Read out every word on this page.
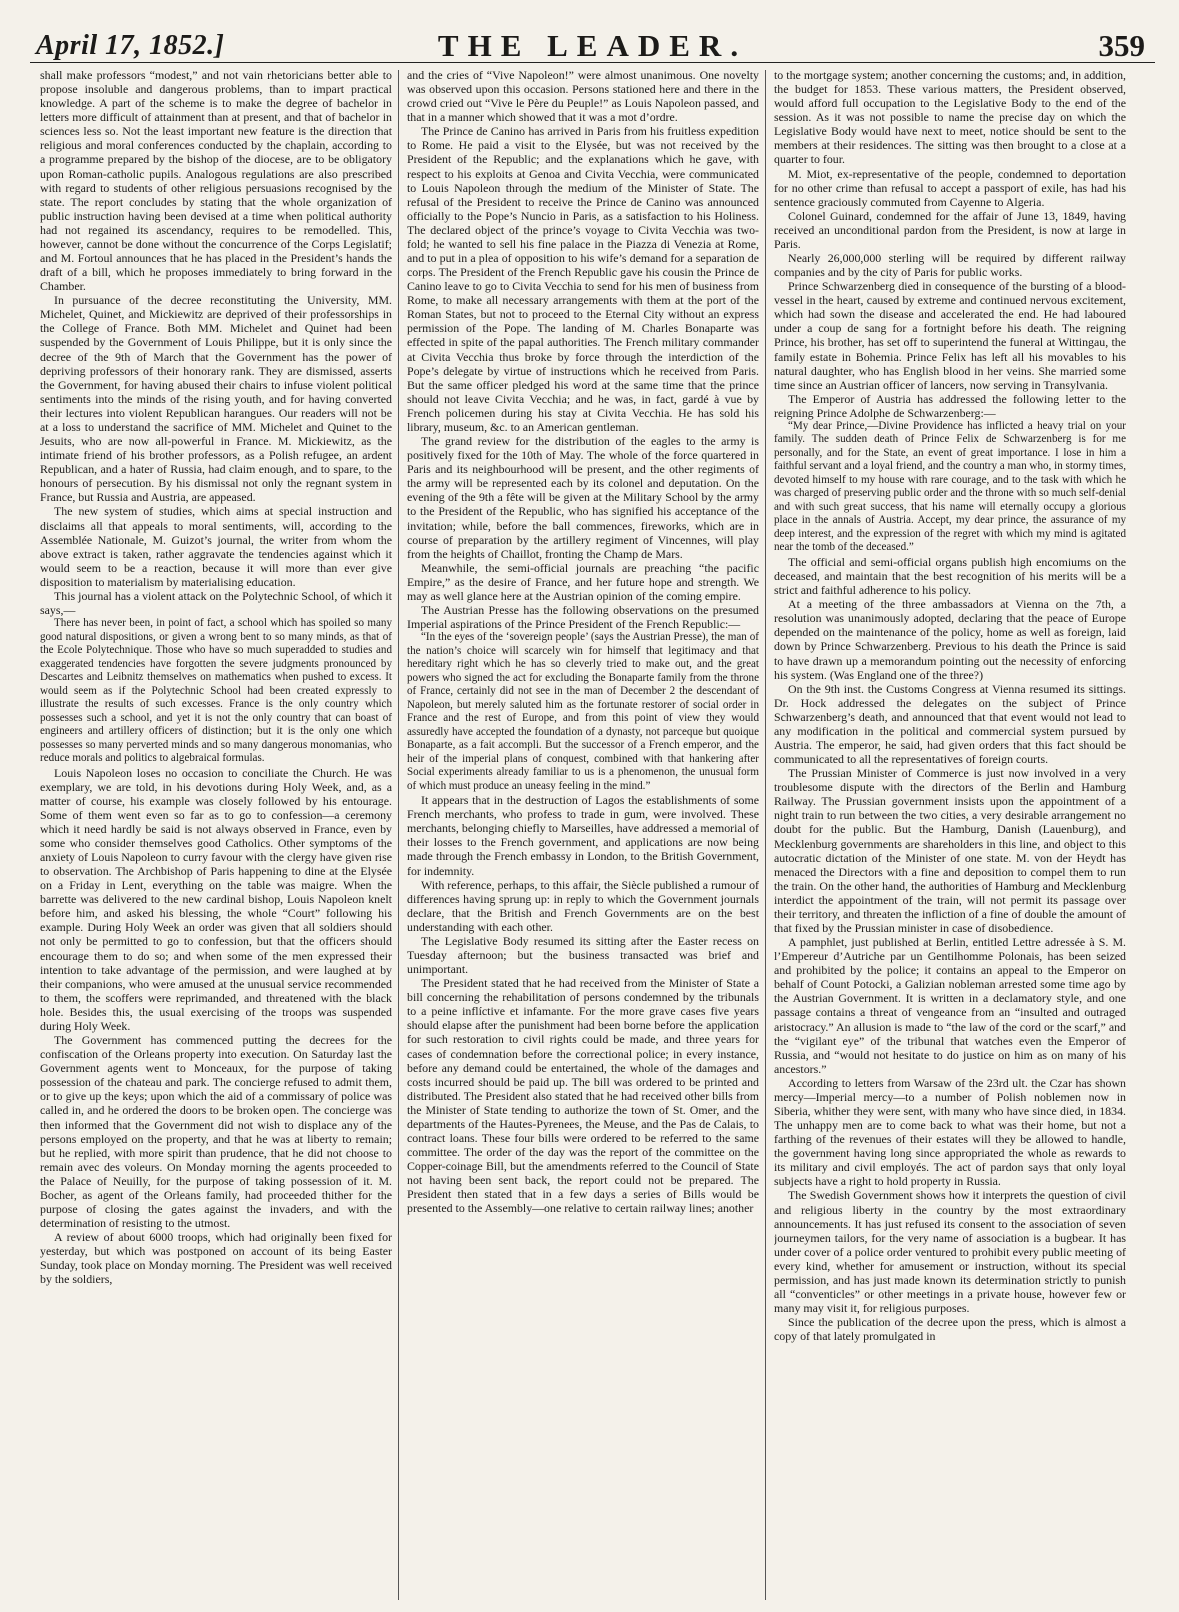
April 17, 1852.]	THE LEADER.	359

shall make professors “modest,” and not vain rhetoricians better able to propose insoluble and dangerous problems, than to impart practical knowledge. A part of the scheme is to make the degree of bachelor in letters more difficult of attainment than at present, and that of bachelor in sciences less so. Not the least important new feature is the direction that religious and moral conferences conducted by the chaplain, according to a programme prepared by the bishop of the diocese, are to be obligatory upon Roman-catholic pupils. Analogous regulations are also prescribed with regard to students of other religious persuasions recognised by the state. The report concludes by stating that the whole organization of public instruction having been devised at a time when political authority had not regained its ascendancy, requires to be remodelled. This, however, cannot be done without the concurrence of the Corps Legislatif; and M. Fortoul announces that he has placed in the President’s hands the draft of a bill, which he proposes immediately to bring forward in the Chamber.

In pursuance of the decree reconstituting the University, MM. Michelet, Quinet, and Mickiewitz are deprived of their professorships in the College of France. Both MM. Michelet and Quinet had been suspended by the Government of Louis Philippe, but it is only since the decree of the 9th of March that the Government has the power of depriving professors of their honorary rank. They are dismissed, asserts the Government, for having abused their chairs to infuse violent political sentiments into the minds of the rising youth, and for having converted their lectures into violent Republican harangues. Our readers will not be at a loss to understand the sacrifice of MM. Michelet and Quinet to the Jesuits, who are now all-powerful in France. M. Mickiewitz, as the intimate friend of his brother professors, as a Polish refugee, an ardent Republican, and a hater of Russia, had claim enough, and to spare, to the honours of persecution. By his dismissal not only the regnant system in France, but Russia and Austria, are appeased.

The new system of studies, which aims at special instruction and disclaims all that appeals to moral sentiments, will, according to the Assemblée Nationale, M. Guizot’s journal, the writer from whom the above extract is taken, rather aggravate the tendencies against which it would seem to be a reaction, because it will more than ever give disposition to materialism by materialising education.

This journal has a violent attack on the Polytechnic School, of which it says,—

There has never been, in point of fact, a school which has spoiled so many good natural dispositions, or given a wrong bent to so many minds, as that of the Ecole Polytechnique. Those who have so much superadded to studies and exaggerated tendencies have forgotten the severe judgments pronounced by Descartes and Leibnitz themselves on mathematics when pushed to excess. It would seem as if the Polytechnic School had been created expressly to illustrate the results of such excesses. France is the only country which possesses such a school, and yet it is not the only country that can boast of engineers and artillery officers of distinction; but it is the only one which possesses so many perverted minds and so many dangerous monomanias, who reduce morals and politics to algebraical formulas.

Louis Napoleon loses no occasion to conciliate the Church. He was exemplary, we are told, in his devotions during Holy Week, and, as a matter of course, his example was closely followed by his entourage. Some of them went even so far as to go to confession—a ceremony which it need hardly be said is not always observed in France, even by some who consider themselves good Catholics. Other symptoms of the anxiety of Louis Napoleon to curry favour with the clergy have given rise to observation. The Archbishop of Paris happening to dine at the Elysée on a Friday in Lent, everything on the table was maigre. When the barrette was delivered to the new cardinal bishop, Louis Napoleon knelt before him, and asked his blessing, the whole “Court” following his example. During Holy Week an order was given that all soldiers should not only be permitted to go to confession, but that the officers should encourage them to do so; and when some of the men expressed their intention to take advantage of the permission, and were laughed at by their companions, who were amused at the unusual service recommended to them, the scoffers were reprimanded, and threatened with the black hole. Besides this, the usual exercising of the troops was suspended during Holy Week.

The Government has commenced putting the decrees for the confiscation of the Orleans property into execution. On Saturday last the Government agents went to Monceaux, for the purpose of taking possession of the chateau and park. The concierge refused to admit them, or to give up the keys; upon which the aid of a commissary of police was called in, and he ordered the doors to be broken open. The concierge was then informed that the Government did not wish to displace any of the persons employed on the property, and that he was at liberty to remain; but he replied, with more spirit than prudence, that he did not choose to remain avec des voleurs. On Monday morning the agents proceeded to the Palace of Neuilly, for the purpose of taking possession of it. M. Bocher, as agent of the Orleans family, had proceeded thither for the purpose of closing the gates against the invaders, and with the determination of resisting to the utmost.

A review of about 6000 troops, which had originally been fixed for yesterday, but which was postponed on account of its being Easter Sunday, took place on Monday morning. The President was well received by the soldiers,

and the cries of “Vive Napoleon!” were almost unanimous. One novelty was observed upon this occasion. Persons stationed here and there in the crowd cried out “Vive le Père du Peuple!” as Louis Napoleon passed, and that in a manner which showed that it was a mot d’ordre.

The Prince de Canino has arrived in Paris from his fruitless expedition to Rome. He paid a visit to the Elysée, but was not received by the President of the Republic; and the explanations which he gave, with respect to his exploits at Genoa and Civita Vecchia, were communicated to Louis Napoleon through the medium of the Minister of State. The refusal of the President to receive the Prince de Canino was announced officially to the Pope’s Nuncio in Paris, as a satisfaction to his Holiness. The declared object of the prince’s voyage to Civita Vecchia was two-fold; he wanted to sell his fine palace in the Piazza di Venezia at Rome, and to put in a plea of opposition to his wife’s demand for a separation de corps. The President of the French Republic gave his cousin the Prince de Canino leave to go to Civita Vecchia to send for his men of business from Rome, to make all necessary arrangements with them at the port of the Roman States, but not to proceed to the Eternal City without an express permission of the Pope. The landing of M. Charles Bonaparte was effected in spite of the papal authorities. The French military commander at Civita Vecchia thus broke by force through the interdiction of the Pope’s delegate by virtue of instructions which he received from Paris. But the same officer pledged his word at the same time that the prince should not leave Civita Vecchia; and he was, in fact, gardé à vue by French policemen during his stay at Civita Vecchia. He has sold his library, museum, &c. to an American gentleman.

The grand review for the distribution of the eagles to the army is positively fixed for the 10th of May. The whole of the force quartered in Paris and its neighbourhood will be present, and the other regiments of the army will be represented each by its colonel and deputation. On the evening of the 9th a fête will be given at the Military School by the army to the President of the Republic, who has signified his acceptance of the invitation; while, before the ball commences, fireworks, which are in course of preparation by the artillery regiment of Vincennes, will play from the heights of Chaillot, fronting the Champ de Mars.

Meanwhile, the semi-official journals are preaching “the pacific Empire,” as the desire of France, and her future hope and strength. We may as well glance here at the Austrian opinion of the coming empire.

The Austrian Presse has the following observations on the presumed Imperial aspirations of the Prince President of the French Republic:—

“In the eyes of the ‘sovereign people’ (says the Austrian Presse), the man of the nation’s choice will scarcely win for himself that legitimacy and that hereditary right which he has so cleverly tried to make out, and the great powers who signed the act for excluding the Bonaparte family from the throne of France, certainly did not see in the man of December 2 the descendant of Napoleon, but merely saluted him as the fortunate restorer of social order in France and the rest of Europe, and from this point of view they would assuredly have accepted the foundation of a dynasty, not parceque but quoique Bonaparte, as a fait accompli. But the successor of a French emperor, and the heir of the imperial plans of conquest, combined with that hankering after Social experiments already familiar to us is a phenomenon, the unusual form of which must produce an uneasy feeling in the mind.”

It appears that in the destruction of Lagos the establishments of some French merchants, who profess to trade in gum, were involved. These merchants, belonging chiefly to Marseilles, have addressed a memorial of their losses to the French government, and applications are now being made through the French embassy in London, to the British Government, for indemnity.

With reference, perhaps, to this affair, the Siècle published a rumour of differences having sprung up: in reply to which the Government journals declare, that the British and French Governments are on the best understanding with each other.

The Legislative Body resumed its sitting after the Easter recess on Tuesday afternoon; but the business transacted was brief and unimportant.

The President stated that he had received from the Minister of State a bill concerning the rehabilitation of persons condemned by the tribunals to a peine inflíctive et infamante. For the more grave cases five years should elapse after the punishment had been borne before the application for such restoration to civil rights could be made, and three years for cases of condemnation before the correctional police; in every instance, before any demand could be entertained, the whole of the damages and costs incurred should be paid up. The bill was ordered to be printed and distributed. The President also stated that he had received other bills from the Minister of State tending to authorize the town of St. Omer, and the departments of the Hautes-Pyrenees, the Meuse, and the Pas de Calais, to contract loans. These four bills were ordered to be referred to the same committee. The order of the day was the report of the committee on the Copper-coinage Bill, but the amendments referred to the Council of State not having been sent back, the report could not be prepared. The President then stated that in a few days a series of Bills would be presented to the Assembly—one relative to certain railway lines; another

to the mortgage system; another concerning the customs; and, in addition, the budget for 1853. These various matters, the President observed, would afford full occupation to the Legislative Body to the end of the session. As it was not possible to name the precise day on which the Legislative Body would have next to meet, notice should be sent to the members at their residences. The sitting was then brought to a close at a quarter to four.

M. Miot, ex-representative of the people, condemned to deportation for no other crime than refusal to accept a passport of exile, has had his sentence graciously commuted from Cayenne to Algeria.

Colonel Guinard, condemned for the affair of June 13, 1849, having received an unconditional pardon from the President, is now at large in Paris.

Nearly 26,000,000 sterling will be required by different railway companies and by the city of Paris for public works.

Prince Schwarzenberg died in consequence of the bursting of a blood-vessel in the heart, caused by extreme and continued nervous excitement, which had sown the disease and accelerated the end. He had laboured under a coup de sang for a fortnight before his death. The reigning Prince, his brother, has set off to superintend the funeral at Wittingau, the family estate in Bohemia. Prince Felix has left all his movables to his natural daughter, who has English blood in her veins. She married some time since an Austrian officer of lancers, now serving in Transylvania.

The Emperor of Austria has addressed the following letter to the reigning Prince Adolphe de Schwarzenberg:—

“My dear Prince,—Divine Providence has inflicted a heavy trial on your family. The sudden death of Prince Felix de Schwarzenberg is for me personally, and for the State, an event of great importance. I lose in him a faithful servant and a loyal friend, and the country a man who, in stormy times, devoted himself to my house with rare courage, and to the task with which he was charged of preserving public order and the throne with so much self-denial and with such great success, that his name will eternally occupy a glorious place in the annals of Austria. Accept, my dear prince, the assurance of my deep interest, and the expression of the regret with which my mind is agitated near the tomb of the deceased.”

The official and semi-official organs publish high encomiums on the deceased, and maintain that the best recognition of his merits will be a strict and faithful adherence to his policy.

At a meeting of the three ambassadors at Vienna on the 7th, a resolution was unanimously adopted, declaring that the peace of Europe depended on the maintenance of the policy, home as well as foreign, laid down by Prince Schwarzenberg. Previous to his death the Prince is said to have drawn up a memorandum pointing out the necessity of enforcing his system. (Was England one of the three?)

On the 9th inst. the Customs Congress at Vienna resumed its sittings. Dr. Hock addressed the delegates on the subject of Prince Schwarzenberg’s death, and announced that that event would not lead to any modification in the political and commercial system pursued by Austria. The emperor, he said, had given orders that this fact should be communicated to all the representatives of foreign courts.

The Prussian Minister of Commerce is just now involved in a very troublesome dispute with the directors of the Berlin and Hamburg Railway. The Prussian government insists upon the appointment of a night train to run between the two cities, a very desirable arrangement no doubt for the public. But the Hamburg, Danish (Lauenburg), and Mecklenburg governments are shareholders in this line, and object to this autocratic dictation of the Minister of one state. M. von der Heydt has menaced the Directors with a fine and deposition to compel them to run the train. On the other hand, the authorities of Hamburg and Mecklenburg interdict the appointment of the train, will not permit its passage over their territory, and threaten the infliction of a fine of double the amount of that fixed by the Prussian minister in case of disobedience.

A pamphlet, just published at Berlin, entitled Lettre adressée à S. M. l’Empereur d’Autriche par un Gentilhomme Polonais, has been seized and prohibited by the police; it contains an appeal to the Emperor on behalf of Count Potocki, a Galizian nobleman arrested some time ago by the Austrian Government. It is written in a declamatory style, and one passage contains a threat of vengeance from an “insulted and outraged aristocracy.” An allusion is made to “the law of the cord or the scarf,” and the “vigilant eye” of the tribunal that watches even the Emperor of Russia, and “would not hesitate to do justice on him as on many of his ancestors.”

According to letters from Warsaw of the 23rd ult. the Czar has shown mercy—Imperial mercy—to a number of Polish noblemen now in Siberia, whither they were sent, with many who have since died, in 1834. The unhappy men are to come back to what was their home, but not a farthing of the revenues of their estates will they be allowed to handle, the government having long since appropriated the whole as rewards to its military and civil employés. The act of pardon says that only loyal subjects have a right to hold property in Russia.

The Swedish Government shows how it interprets the question of civil and religious liberty in the country by the most extraordinary announcements. It has just refused its consent to the association of seven journeymen tailors, for the very name of association is a bugbear. It has under cover of a police order ventured to prohibit every public meeting of every kind, whether for amusement or instruction, without its special permission, and has just made known its determination strictly to punish all “conventicles” or other meetings in a private house, however few or many may visit it, for religious purposes.

Since the publication of the decree upon the press, which is almost a copy of that lately promulgated in
